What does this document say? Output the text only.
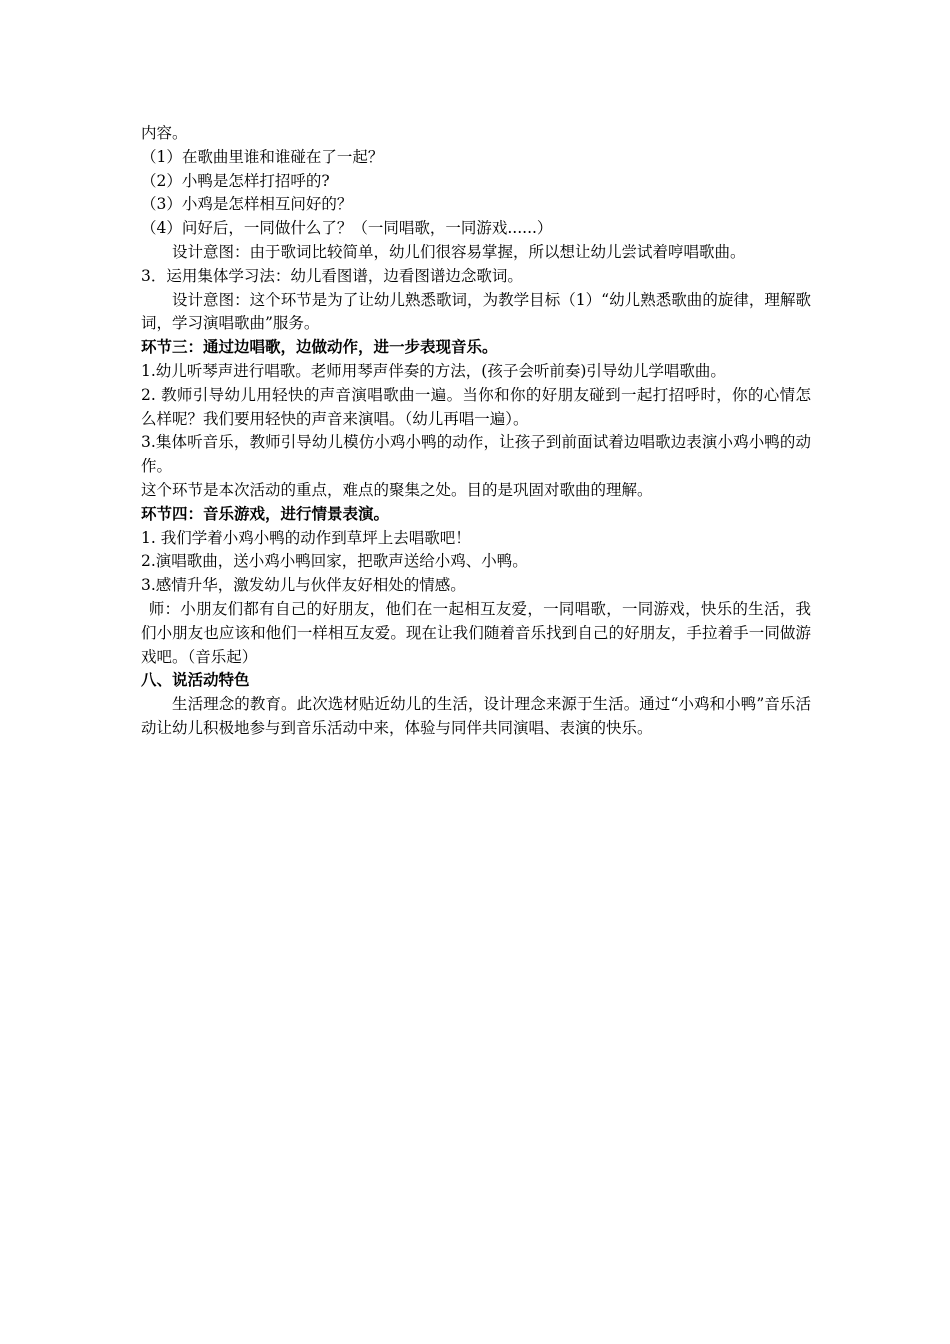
内容。
（1）在歌曲里谁和谁碰在了一起？
（2）小鸭是怎样打招呼的?
（3）小鸡是怎样相互问好的？
（4）问好后，一同做什么了？（一同唱歌，一同游戏......）
设计意图：由于歌词比较简单，幼儿们很容易掌握，所以想让幼儿尝试着哼唱歌曲。
3．运用集体学习法：幼儿看图谱，边看图谱边念歌词。
设计意图：这个环节是为了让幼儿熟悉歌词，为教学目标（1）“幼儿熟悉歌曲的旋律，理解歌词，学习演唱歌曲”服务。
环节三：通过边唱歌，边做动作，进一步表现音乐。
1.幼儿听琴声进行唱歌。老师用琴声伴奏的方法，(孩子会听前奏)引导幼儿学唱歌曲。
2. 教师引导幼儿用轻快的声音演唱歌曲一遍。当你和你的好朋友碰到一起打招呼时，你的心情怎么样呢？我们要用轻快的声音来演唱。（幼儿再唱一遍）。
3.集体听音乐，教师引导幼儿模仿小鸡小鸭的动作，让孩子到前面试着边唱歌边表演小鸡小鸭的动作。
这个环节是本次活动的重点，难点的聚集之处。目的是巩固对歌曲的理解。
环节四：音乐游戏，进行情景表演。
1. 我们学着小鸡小鸭的动作到草坪上去唱歌吧！
2.演唱歌曲，送小鸡小鸭回家，把歌声送给小鸡、小鸭。
3.感情升华，激发幼儿与伙伴友好相处的情感。
师：小朋友们都有自己的好朋友，他们在一起相互友爱，一同唱歌，一同游戏，快乐的生活，我们小朋友也应该和他们一样相互友爱。现在让我们随着音乐找到自己的好朋友，手拉着手一同做游戏吧。（音乐起）
八、说活动特色
生活理念的教育。此次选材贴近幼儿的生活，设计理念来源于生活。通过“小鸡和小鸭”音乐活动让幼儿积极地参与到音乐活动中来，体验与同伴共同演唱、表演的快乐。
